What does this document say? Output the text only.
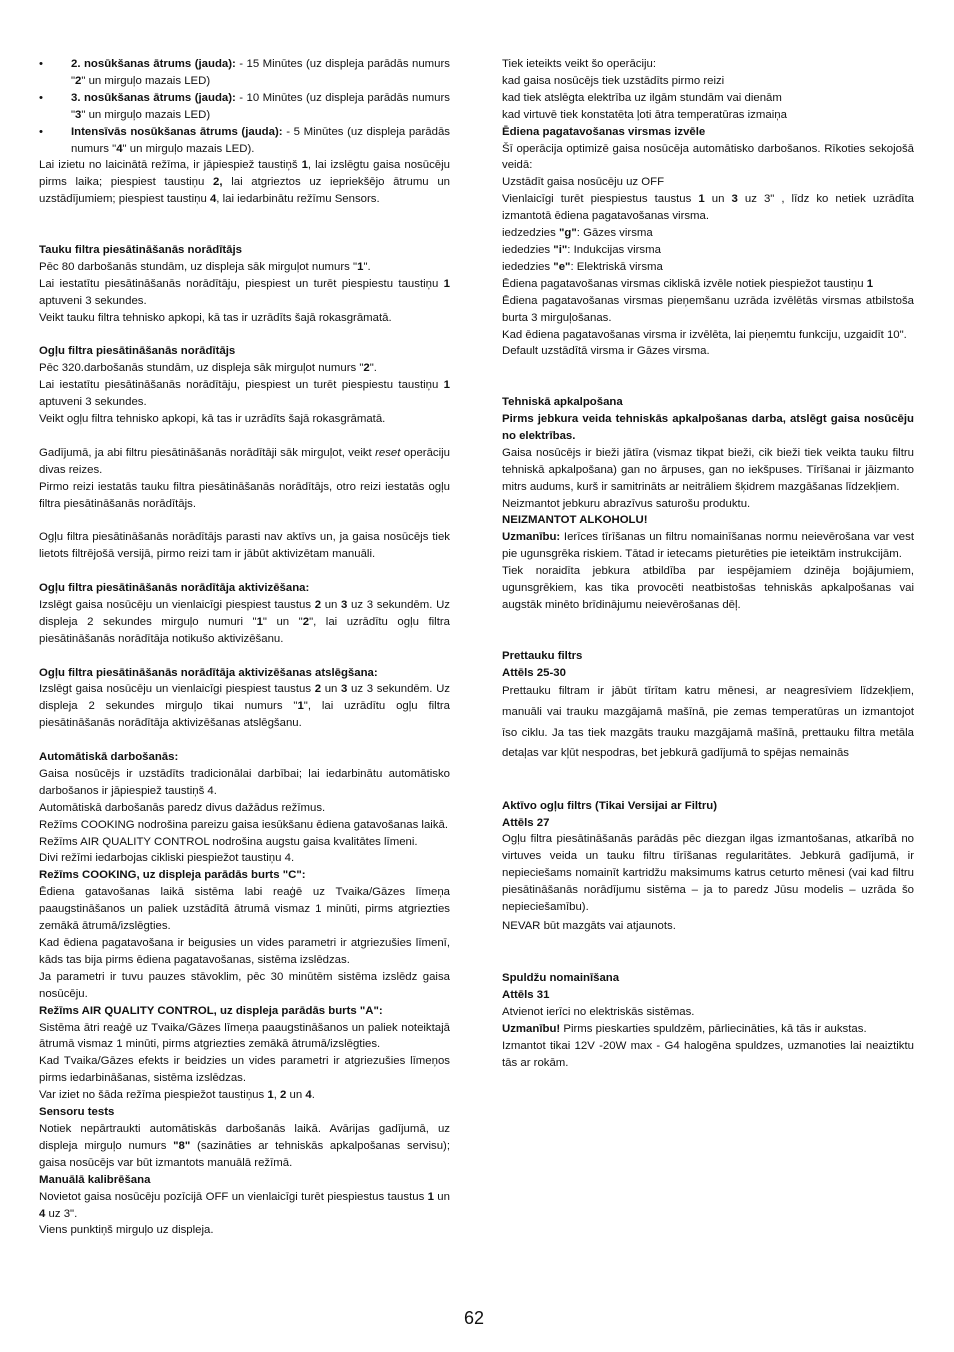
• 2. nosūkšanas ātrums (jauda): - 15 Minūtes (uz displeja parādās numurs "2" un mirguļo mazais LED)
• 3. nosūkšanas ātrums (jauda): - 10 Minūtes (uz displeja parādās numurs "3" un mirguļo mazais LED)
• Intensīvās nosūkšanas ātrums (jauda): - 5 Minūtes (uz displeja parādās numurs "4" un mirguļo mazais LED).

Lai izietu no laicinātā režīma, ir jāpiespiež taustiņš 1, lai izslēgtu gaisa nosūcēju pirms laika; piespiest taustiņu 2, lai atgrieztos uz iepriekšējo ātrumu un uzstādījumiem; piespiest taustiņu 4, lai iedarbinātu režīmu Sensors.

Tauku filtra piesātināšanās norādītājs

Pēc 80 darbošanās stundām, uz displeja sāk mirguļot numurs "1".

Lai iestatītu piesātināšanās norādītāju, piespiest un turēt piespiestu taustiņu 1 aptuveni 3 sekundes.

Veikt tauku filtra tehnisko apkopi, kā tas ir uzrādīts šajā rokasgrāmatā.

Ogļu filtra piesātināšanās norādītājs

Pēc 320.darbošanās stundām, uz displeja sāk mirguļot numurs "2".

Lai iestatītu piesātināšanās norādītāju, piespiest un turēt piespiestu taustiņu 1 aptuveni 3 sekundes.

Veikt ogļu filtra tehnisko apkopi, kā tas ir uzrādīts šajā rokasgrāmatā.

Gadījumā, ja abi filtru piesātināšanās norādītāji sāk mirguļot, veikt reset operāciju divas reizes.

Pirmo reizi iestatās tauku filtra piesātināšanās norādītājs, otro reizi iestatās ogļu filtra piesātināšanās norādītājs.

Ogļu filtra piesātināšanās norādītājs parasti nav aktīvs un, ja gaisa nosūcējs tiek lietots filtrējošā versijā, pirmo reizi tam ir jābūt aktivizētam manuāli.

Ogļu filtra piesātināšanās norādītāja aktivizēšana:

Izslēgt gaisa nosūcēju un vienlaicīgi piespiest taustus 2 un 3 uz 3 sekundēm. Uz displeja 2 sekundes mirguļo numuri "1" un "2", lai uzrādītu ogļu filtra piesātināšanās norādītāja notikušo aktivizēšanu.

Ogļu filtra piesātināšanās norādītāja aktivizēšanas atslēgšana:

Izslēgt gaisa nosūcēju un vienlaicīgi piespiest taustus 2 un 3 uz 3 sekundēm. Uz displeja 2 sekundes mirguļo tikai numurs "1", lai uzrādītu ogļu filtra piesātināšanās norādītāja aktivizēšanas atslēgšanu.

Automātiskā darbošanās:

Gaisa nosūcējs ir uzstādīts tradicionālai darbībai; lai iedarbinātu automātisko darbošanos ir jāpiespiež taustiņš 4.

Automātiskā darbošanās paredz divus dažādus režīmus.

Režīms COOKING nodrošina pareizu gaisa iesūkšanu ēdiena gatavošanas laikā.

Režīms AIR QUALITY CONTROL nodrošina augstu gaisa kvalitātes līmeni.

Divi režīmi iedarbojas cikliski piespiežot taustiņu 4.

Režīms COOKING, uz displeja parādās burts "C":

Ēdiena gatavošanas laikā sistēma labi reaģē uz Tvaika/Gāzes līmeņa paaugstināšanos un paliek uzstādītā ātrumā vismaz 1 minūti, pirms atgriezties zemākā ātrumā/izslēgties.

Kad ēdiena pagatavošana ir beigusies un vides parametri ir atgriezušies līmenī, kāds tas bija pirms ēdiena pagatavošanas, sistēma izslēdzas.

Ja parametri ir tuvu pauzes stāvoklim, pēc 30 minūtēm sistēma izslēdz gaisa nosūcēju.

Režīms AIR QUALITY CONTROL, uz displeja parādās burts "A":

Sistēma ātri reaģē uz Tvaika/Gāzes līmeņa paaugstināšanos un paliek noteiktajā ātrumā vismaz 1 minūti, pirms atgriezties zemākā ātrumā/izslēgties.

Kad Tvaika/Gāzes efekts ir beidzies un vides parametri ir atgriezušies līmeņos pirms iedarbināšanas, sistēma izslēdzas.

Var iziet no šāda režīma piespiežot taustiņus 1, 2 un 4.

Sensoru tests

Notiek nepārtraukti automātiskās darbošanās laikā. Avārijas gadījumā, uz displeja mirguļo numurs "8" (sazināties ar tehniskās apkalpošanas servisu); gaisa nosūcējs var būt izmantots manuālā režīmā.

Manuālā kalibrēšana

Novietot gaisa nosūcēju pozīcijā OFF un vienlaicīgi turēt piespiestus taustus 1 un 4 uz 3".

Viens punktiņš mirguļo uz displeja.

Tiek ieteikts veikt šo operāciju:

kad gaisa nosūcējs tiek uzstādīts pirmo reizi

kad tiek atslēgta elektrība uz ilgām stundām vai dienām

kad virtuvē tiek konstatēta ļoti ātra temperatūras izmaiņa

Ēdiena pagatavošanas virsmas izvēle

Šī operācija optimizē gaisa nosūcēja automātisko darbošanos. Rīkoties sekojošā veidā:

Uzstādīt gaisa nosūcēju uz OFF

Vienlaicīgi turēt piespiestus taustus 1 un 3 uz 3" , līdz ko netiek uzrādīta izmantotā ēdiena pagatavošanas virsma.

iedzedzies "g": Gāzes virsma

iededzies "i": Indukcijas virsma

iededzies "e": Elektriskā virsma

Ēdiena pagatavošanas virsmas cikliskā izvēle notiek piespiežot taustiņu 1

Ēdiena pagatavošanas virsmas pieņemšanu uzrāda izvēlētās virsmas atbilstoša burta 3 mirguļošanas.

Kad ēdiena pagatavošanas virsma ir izvēlēta, lai pieņemtu funkciju, uzgaidīt 10".

Default uzstādītā virsma ir Gāzes virsma.

Tehniskā apkalpošana

Pirms jebkura veida tehniskās apkalpošanas darba, atslēgt gaisa nosūcēju no elektrības.

Gaisa nosūcējs ir bieži jātīra (vismaz tikpat bieži, cik bieži tiek veikta tauku filtru tehniskā apkalpošana) gan no ārpuses, gan no iekšpuses. Tīrīšanai ir jāizmanto mitrs audums, kurš ir samitrināts ar neitrāliem šķidrem mazgāšanas līdzekļiem.

Neizmantot jebkuru abrazīvus saturošu produktu.

NEIZMANTOT ALKOHOLU!

Uzmanību: Ierīces tīrīšanas un filtru nomainīšanas normu neievērošana var vest pie ugunsgrēka riskiem. Tātad ir ietecams pieturēties pie ieteiktām instrukcijām.

Tiek noraidīta jebkura atbildība par iespējamiem dzinēja bojājumiem, ugunsgrēkiem, kas tika provocēti neatbistošas tehniskās apkalpošanas vai augstāk minēto brīdinājumu neievērošanas dēļ.

Prettauku filtrs

Attēls 25-30

Prettauku filtram ir jābūt tīrītam katru mēnesi, ar neagresīviem līdzekļiem, manuāli vai trauku mazgājamā mašīnā, pie zemas temperatūras un izmantojot īso ciklu. Ja tas tiek mazgāts trauku mazgājamā mašīnā, prettauku filtra metāla detaļas var kļūt nespodras, bet jebkurā gadījumā to spējas nemainās

Aktīvo ogļu filtrs (Tikai Versijai ar Filtru)

Attēls 27

Ogļu filtra piesātināšanās parādās pēc diezgan ilgas izmantošanas, atkarībā no virtuves veida un tauku filtru tīrīšanas regularitātes. Jebkurā gadījumā, ir nepieciešams nomainīt kartridžu maksimums katrus ceturto mēnesi (vai kad filtru piesātināšanās norādījumu sistēma – ja to paredz Jūsu modelis – uzrāda šo nepieciešamību).

NEVAR būt mazgāts vai atjaunots.

Spuldžu nomainīšana

Attēls 31

Atvienot ierīci no elektriskās sistēmas.

Uzmanību! Pirms pieskarties spuldzēm, pārliecināties, kā tās ir aukstas.

Izmantot tikai 12V -20W max - G4 halogēna spuldzes, uzmanoties lai neaiztiktu tās ar rokām.

62
